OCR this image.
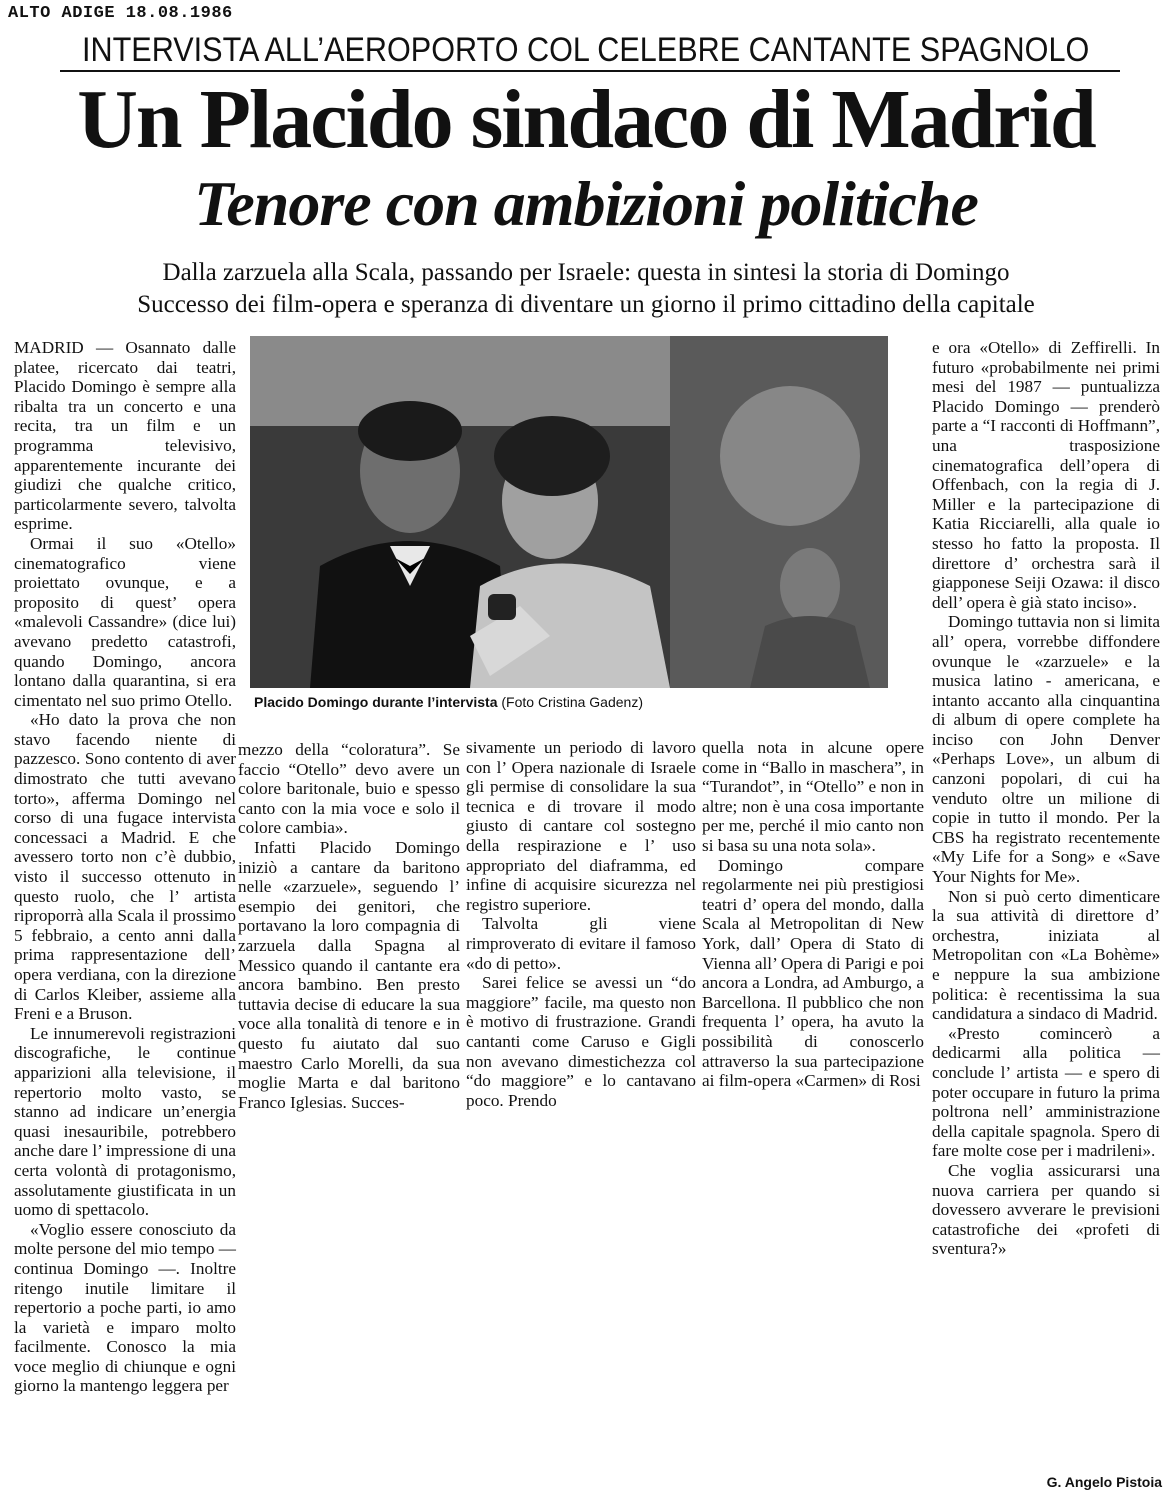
ALTO ADIGE 18.08.1986
INTERVISTA ALL’AEROPORTO COL CELEBRE CANTANTE SPAGNOLO
Un Placido sindaco di Madrid
Tenore con ambizioni politiche
Dalla zarzuela alla Scala, passando per Israele: questa in sintesi la storia di Domingo
Successo dei film-opera e speranza di diventare un giorno il primo cittadino della capitale

MADRID — Osannato dalle platee, ricercato dai teatri, Placido Domingo è sempre alla ribalta tra un concerto e una recita, tra un film e un programma televisivo, apparentemente incurante dei giudizi che qualche critico, particolarmente severo, talvolta esprime.

Ormai il suo «Otello» cinematografico viene proiettato ovunque, e a proposito di quest’ opera «malevoli Cassandre» (dice lui) avevano predetto catastrofi, quando Domingo, ancora lontano dalla quarantina, si era cimentato nel suo primo Otello.

«Ho dato la prova che non stavo facendo niente di pazzesco. Sono contento di aver dimostrato che tutti avevano torto», afferma Domingo nel corso di una fugace intervista concessaci a Madrid. E che avessero torto non c’è dubbio, visto il successo ottenuto in questo ruolo, che l’ artista riproporrà alla Scala il prossimo 5 febbraio, a cento anni dalla prima rappresentazione dell’ opera verdiana, con la direzione di Carlos Kleiber, assieme alla Freni e a Bruson.

Le innumerevoli registrazioni discografiche, le continue apparizioni alla televisione, il repertorio molto vasto, se stanno ad indicare un’energia quasi inesauribile, potrebbero anche dare l’ impressione di una certa volontà di protagonismo, assolutamente giustificata in un uomo di spettacolo.

«Voglio essere conosciuto da molte persone del mio tempo — continua Domingo —. Inoltre ritengo inutile limitare il repertorio a poche parti, io amo la varietà e imparo molto facilmente. Conosco la mia voce meglio di chiunque e ogni giorno la mantengo leggera per

Placido Domingo durante l’intervista (Foto Cristina Gadenz)

mezzo della “coloratura”. Se faccio “Otello” devo avere un colore baritonale, buio e spesso canto con la mia voce e solo il colore cambia».

Infatti Placido Domingo iniziò a cantare da baritono nelle «zarzuele», seguendo l’ esempio dei genitori, che portavano la loro compagnia di zarzuela dalla Spagna al Messico quando il cantante era ancora bambino. Ben presto tuttavia decise di educare la sua voce alla tonalità di tenore e in questo fu aiutato dal suo maestro Carlo Morelli, da sua moglie Marta e dal baritono Franco Iglesias. Succes-

sivamente un periodo di lavoro con l’ Opera nazionale di Israele gli permise di consolidare la sua tecnica e di trovare il modo giusto di cantare col sostegno della respirazione e l’ uso appropriato del diaframma, ed infine di acquisire sicurezza nel registro superiore.

Talvolta gli viene rimproverato di evitare il famoso «do di petto».

Sarei felice se avessi un “do maggiore” facile, ma questo non è motivo di frustrazione. Grandi cantanti come Caruso e Gigli non avevano dimestichezza col “do maggiore” e lo cantavano poco. Prendo

quella nota in alcune opere come in “Ballo in maschera”, in “Turandot”, in “Otello” e non in altre; non è una cosa importante per me, perché il mio canto non si basa su una nota sola».

Domingo compare regolarmente nei più prestigiosi teatri d’ opera del mondo, dalla Scala al Metropolitan di New York, dall’ Opera di Stato di Vienna all’ Opera di Parigi e poi ancora a Londra, ad Amburgo, a Barcellona. Il pubblico che non frequenta l’ opera, ha avuto la possibilità di conoscerlo attraverso la sua partecipazione ai film-opera «Carmen» di Rosi

e ora «Otello» di Zeffirelli. In futuro «probabilmente nei primi mesi del 1987 — puntualizza Placido Domingo — prenderò parte a “I racconti di Hoffmann”, una trasposizione cinematografica dell’opera di Offenbach, con la regia di J. Miller e la partecipazione di Katia Ricciarelli, alla quale io stesso ho fatto la proposta. Il direttore d’ orchestra sarà il giapponese Seiji Ozawa: il disco dell’ opera è già stato inciso».

Domingo tuttavia non si limita all’ opera, vorrebbe diffondere ovunque le «zarzuele» e la musica latino - americana, e intanto accanto alla cinquantina di album di opere complete ha inciso con John Denver «Perhaps Love», un album di canzoni popolari, di cui ha venduto oltre un milione di copie in tutto il mondo. Per la CBS ha registrato recentemente «My Life for a Song» e «Save Your Nights for Me».

Non si può certo dimenticare la sua attività di direttore d’ orchestra, iniziata al Metropolitan con «La Bohème» e neppure la sua ambizione politica: è recentissima la sua candidatura a sindaco di Madrid.

«Presto comincerò a dedicarmi alla politica — conclude l’ artista — e spero di poter occupare in futuro la prima poltrona nell’ amministrazione della capitale spagnola. Spero di fare molte cose per i madrileni».

Che voglia assicurarsi una nuova carriera per quando si dovessero avverare le previsioni catastrofiche dei «profeti di sventura?»

G. Angelo Pistoia
